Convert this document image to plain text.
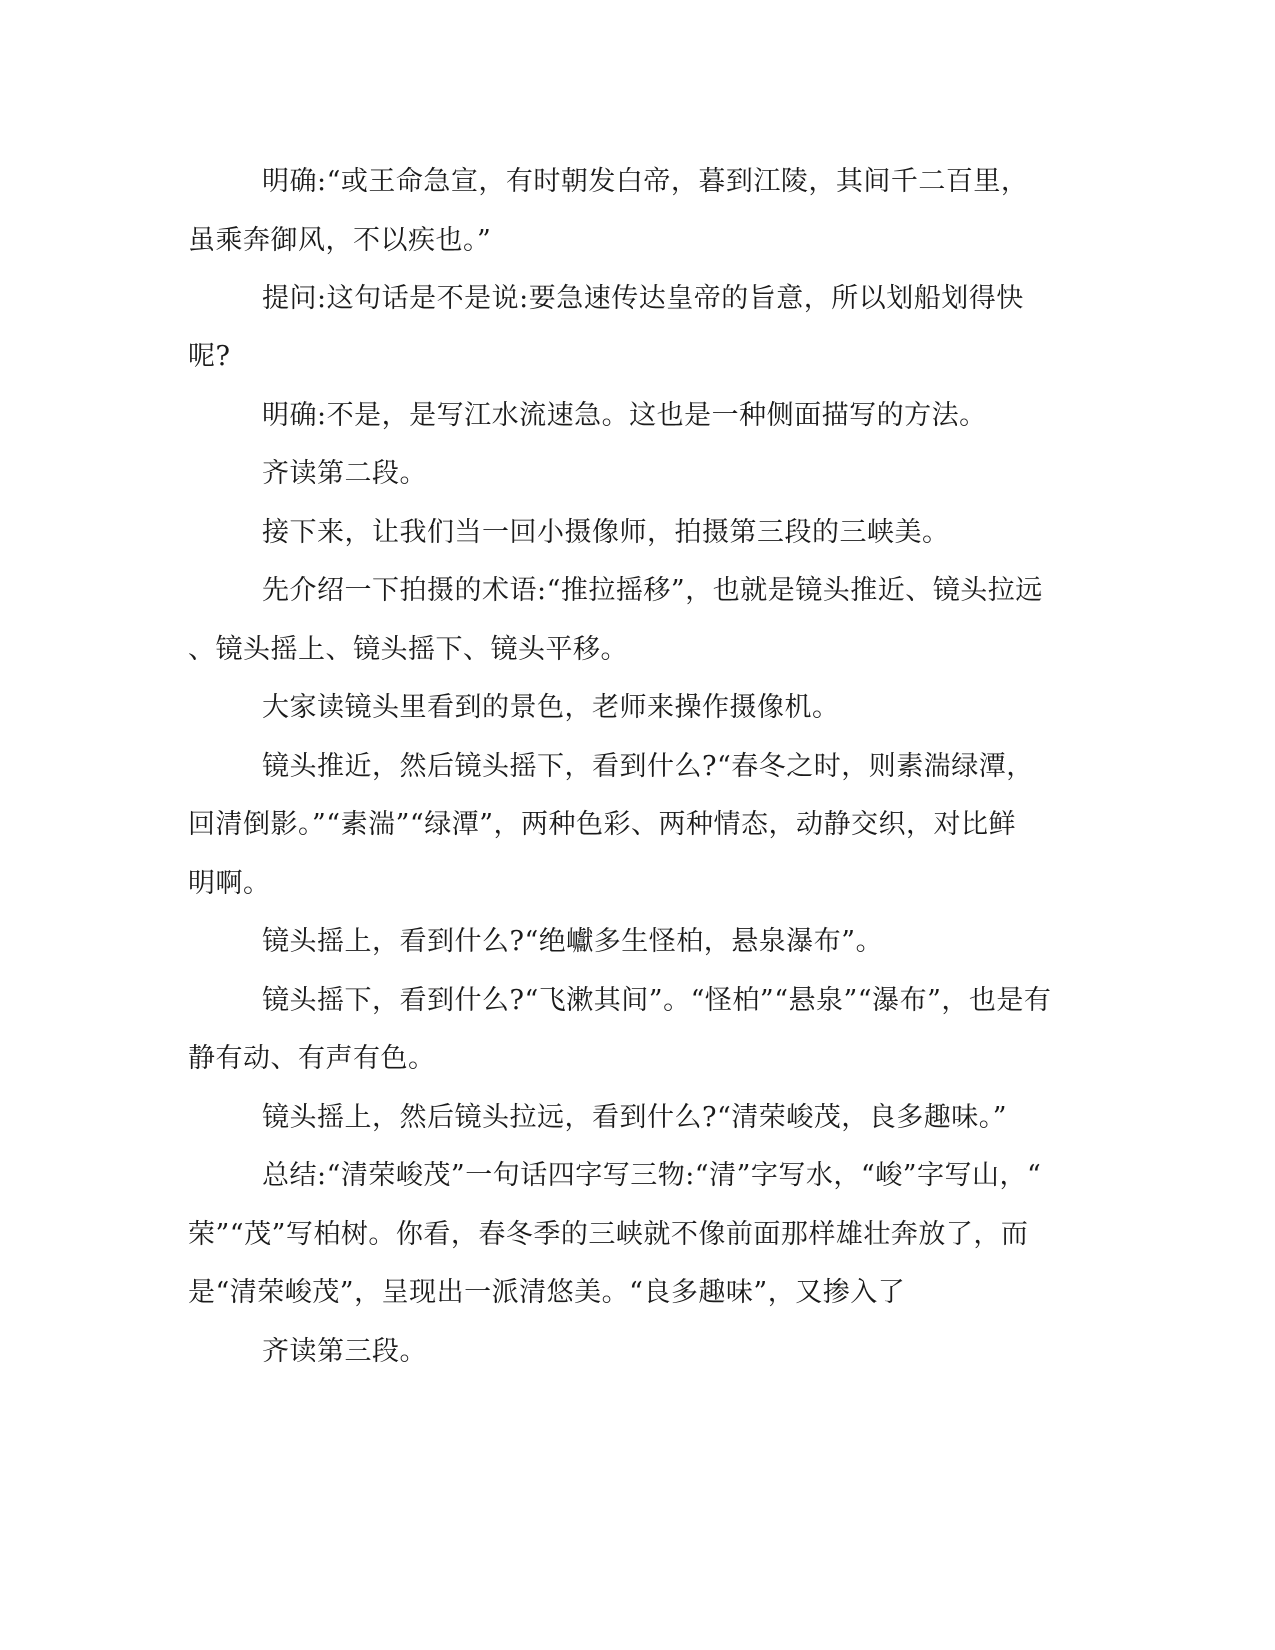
明确:“或王命急宣，有时朝发白帝，暮到江陵，其间千二百里，
虽乘奔御风，不以疾也。”
提问:这句话是不是说:要急速传达皇帝的旨意，所以划船划得快
呢?
明确:不是，是写江水流速急。这也是一种侧面描写的方法。
齐读第二段。
接下来，让我们当一回小摄像师，拍摄第三段的三峡美。
先介绍一下拍摄的术语:“推拉摇移”，也就是镜头推近、镜头拉远
、镜头摇上、镜头摇下、镜头平移。
大家读镜头里看到的景色，老师来操作摄像机。
镜头推近，然后镜头摇下，看到什么?“春冬之时，则素湍绿潭，
回清倒影。”“素湍”“绿潭”，两种色彩、两种情态，动静交织，对比鲜
明啊。
镜头摇上，看到什么?“绝巘多生怪柏，悬泉瀑布”。
镜头摇下，看到什么?“飞漱其间”。“怪柏”“悬泉”“瀑布”，也是有
静有动、有声有色。
镜头摇上，然后镜头拉远，看到什么?“清荣峻茂，良多趣味。”
总结:“清荣峻茂”一句话四字写三物:“清”字写水，“峻”字写山，“
荣”“茂”写柏树。你看，春冬季的三峡就不像前面那样雄壮奔放了，而
是“清荣峻茂”，呈现出一派清悠美。“良多趣味”，又掺入了
齐读第三段。
